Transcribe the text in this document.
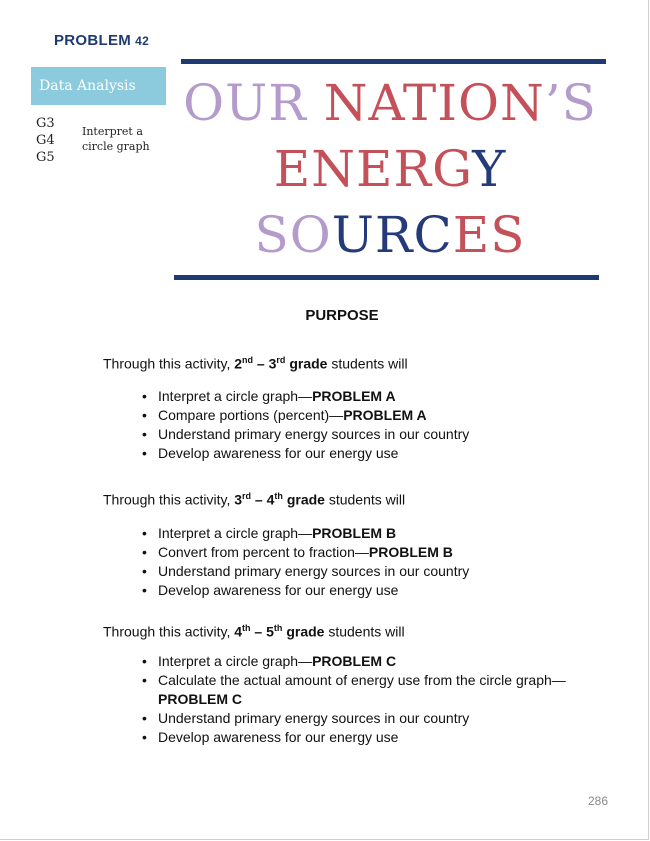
PROBLEM 42
Data Analysis
G3
G4
G5
Interpret a circle graph
OUR NATION’S
ENERGY
SOURCES
PURPOSE
Through this activity, 2nd – 3rd grade students will
• Interpret a circle graph—PROBLEM A
• Compare portions (percent)—PROBLEM A
• Understand primary energy sources in our country
• Develop awareness for our energy use
Through this activity, 3rd – 4th grade students will
• Interpret a circle graph—PROBLEM B
• Convert from percent to fraction—PROBLEM B
• Understand primary energy sources in our country
• Develop awareness for our energy use
Through this activity, 4th – 5th grade students will
• Interpret a circle graph—PROBLEM C
• Calculate the actual amount of energy use from the circle graph—
PROBLEM C
• Understand primary energy sources in our country
• Develop awareness for our energy use
286
